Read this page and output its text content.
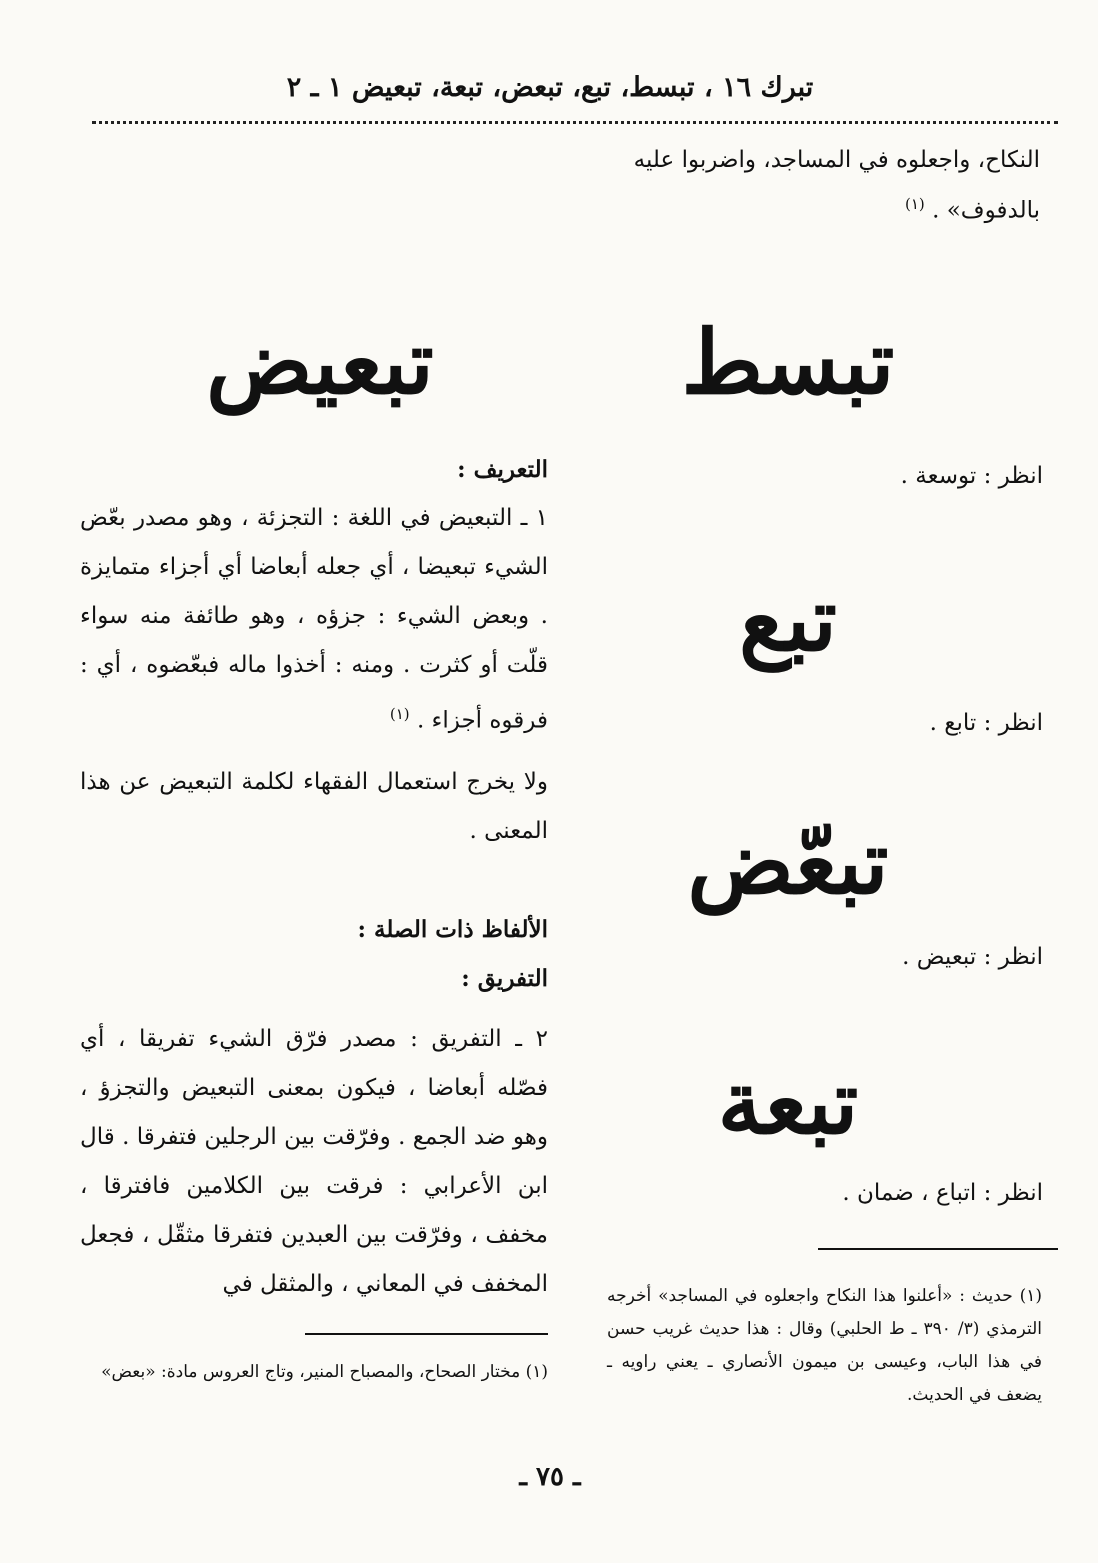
تبرك ١٦ ، تبسط، تبع، تبعض، تبعة، تبعيض ١ ـ ٢
النكاح، واجعلوه في المساجد، واضربوا عليه
بالدفوف» . $^{(١)}$
تبسط
انظر : توسعة .
تبع
انظر : تابع .
تبعّض
انظر : تبعيض .
تبعة
انظر : اتباع ، ضمان .
(١) حديث : «أعلنوا هذا النكاح واجعلوه في المساجد» أخرجه الترمذي (٣/ ٣٩٠ ـ ط الحلبي) وقال : هذا حديث غريب حسن في هذا الباب، وعيسى بن ميمون الأنصاري ـ يعني راويه ـ يضعف في الحديث.
تبعيض
التعريف :
١ ـ التبعيض في اللغة : التجزئة ، وهو مصدر بعّض الشيء تبعيضا ، أي جعله أبعاضا أي أجزاء متمايزة . وبعض الشيء : جزؤه ، وهو طائفة منه سواء قلّت أو كثرت . ومنه : أخذوا ماله فبعّضوه ، أي : فرقوه أجزاء . $^{(١)}$
ولا يخرج استعمال الفقهاء لكلمة التبعيض عن هذا المعنى .
الألفاظ ذات الصلة :
التفريق :
٢ ـ التفريق : مصدر فرّق الشيء تفريقا ، أي فصّله أبعاضا ، فيكون بمعنى التبعيض والتجزؤ ، وهو ضد الجمع . وفرّقت بين الرجلين فتفرقا . قال ابن الأعرابي : فرقت بين الكلامين فافترقا ، مخفف ، وفرّقت بين العبدين فتفرقا مثقّل ، فجعل المخفف في المعاني ، والمثقل في
(١) مختار الصحاح، والمصباح المنير، وتاج العروس مادة: «بعض»
ـ ٧٥ ـ
